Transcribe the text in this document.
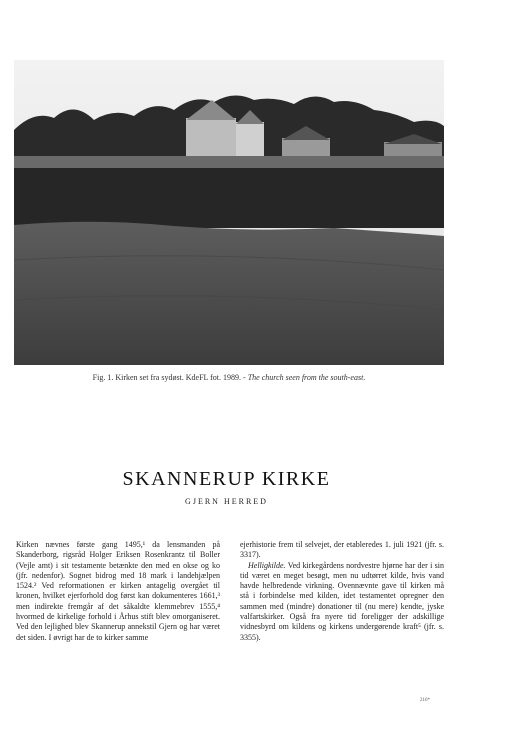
Fig. 1. Kirken set fra sydøst. KdeFL fot. 1989. - The church seen from the south-east.
SKANNERUP KIRKE
GJERN HERRED

Kirken nævnes første gang 1495,¹ da lensmanden på Skanderborg, rigsråd Holger Eriksen Rosenkrantz til Boller (Vejle amt) i sit testamente betænkte den med en okse og ko (jfr. nedenfor). Sognet bidrog med 18 mark i landehjælpen 1524.² Ved reformationen er kirken antagelig overgået til kronen, hvilket ejerforhold dog først kan dokumenteres 1661,³ men indirekte fremgår af det såkaldte klemmebrev 1555,⁴ hvormed de kirkelige forhold i Århus stift blev omorganiseret. Ved den lejlighed blev Skannerup annekstil Gjern og har været det siden. I øvrigt har de to kirker samme

ejerhistorie frem til selvejet, der etableredes 1. juli 1921 (jfr. s. 3317).

Helligkilde. Ved kirkegårdens nordvestre hjørne har der i sin tid været en meget besøgt, men nu udtørret kilde, hvis vand havde helbredende virkning. Ovennævnte gave til kirken må stå i forbindelse med kilden, idet testamentet opregner den sammen med (mindre) donationer til (nu mere) kendte, jyske valfartskirker. Også fra nyere tid foreligger der adskillige vidnesbyrd om kildens og kirkens undergørende kraft⁵ (jfr. s. 3355).

216*
